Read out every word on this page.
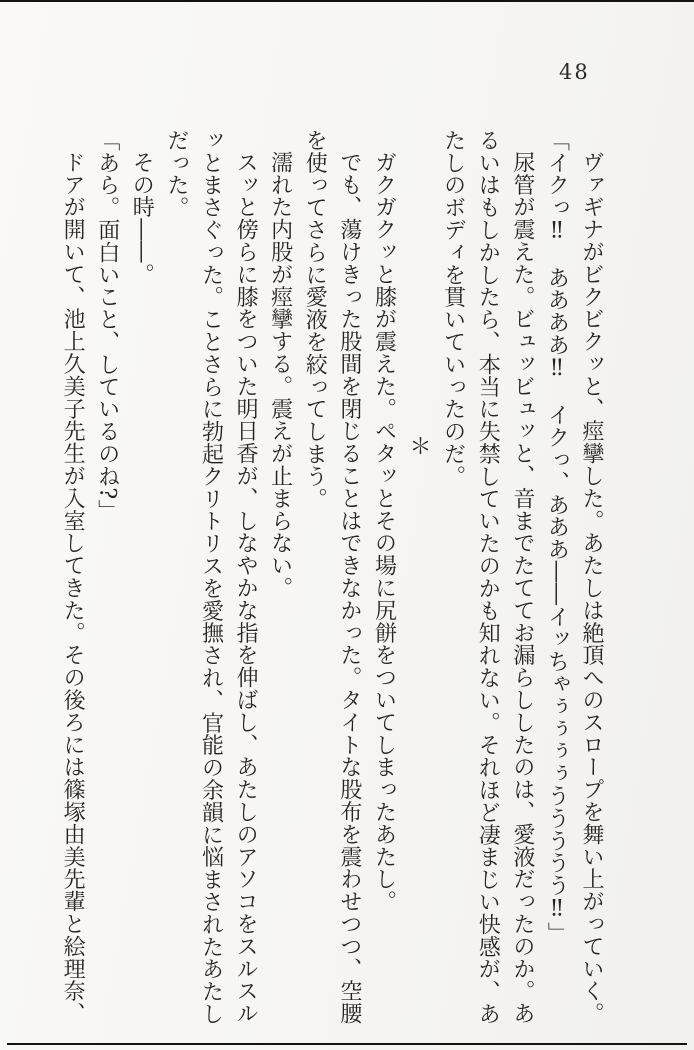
48
ヴァギナがビクビクッと、痙攣した。あたしは絶頂へのスロープを舞い上がっていく。
「イクっ‼　ああああ‼　イクっ、あああ――イッちゃぅぅぅぅううううう‼」
尿管が震えた。ビュッビュッと、音までたててお漏らししたのは、愛液だったのか。あ
るいはもしかしたら、本当に失禁していたのかも知れない。それほど凄まじい快感が、あ
たしのボディを貫いていったのだ。
＊
ガクガクッと膝が震えた。ペタッとその場に尻餅をついてしまったあたし。
でも、蕩けきった股間を閉じることはできなかった。タイトな股布を震わせつつ、空腰
を使ってさらに愛液を絞ってしまう。
濡れた内股が痙攣する。震えが止まらない。
スッと傍らに膝をついた明日香が、しなやかな指を伸ばし、あたしのアソコをスルスル
ッとまさぐった。ことさらに勃起クリトリスを愛撫され、官能の余韻に悩まされたあたし
だった。
その時――。
「あら。面白いこと、しているのね?」
ドアが開いて、池上久美子先生が入室してきた。その後ろには篠塚由美先輩と絵理奈、
